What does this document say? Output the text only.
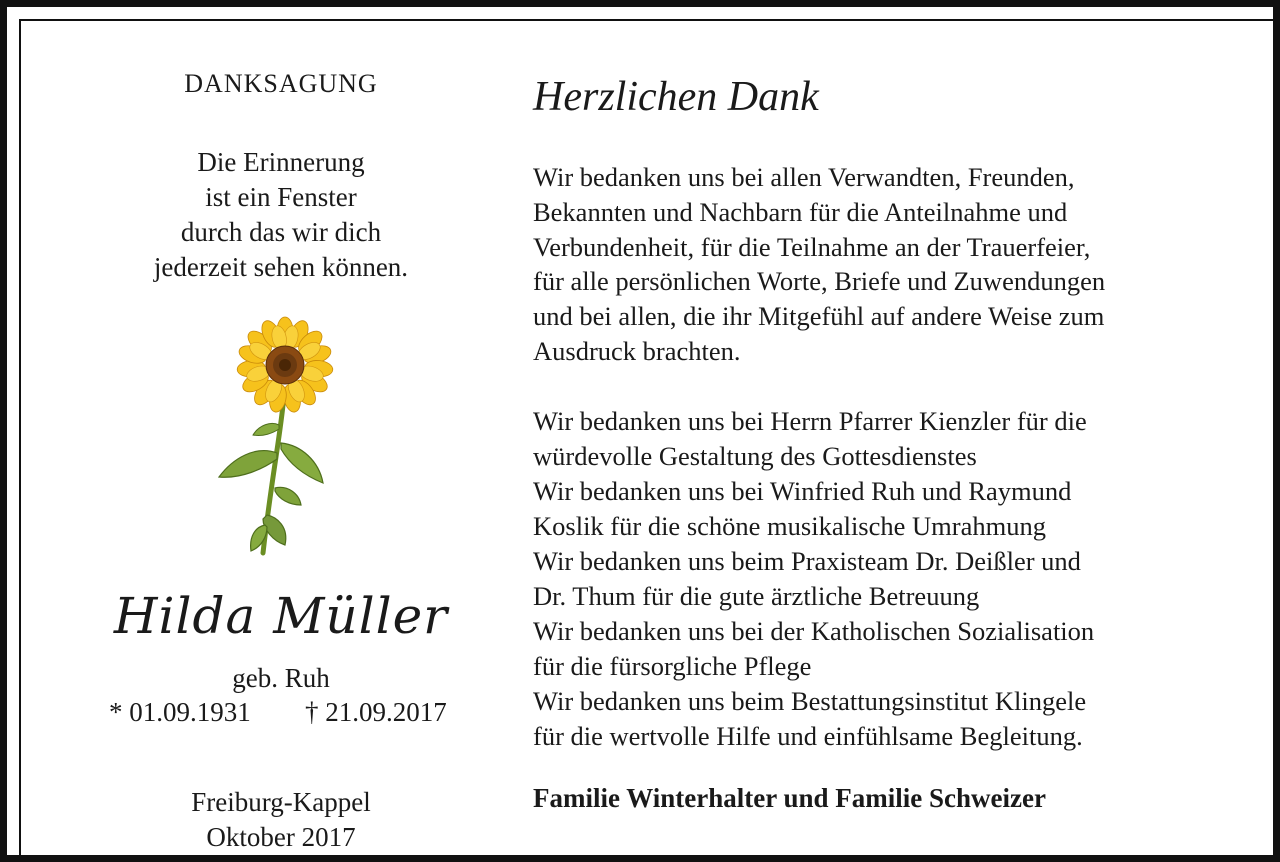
DANKSAGUNG
Die Erinnerung
ist ein Fenster
durch das wir dich
jederzeit sehen können.
Hilda Müller
geb. Ruh
* 01.09.1931 † 21.09.2017
Freiburg-Kappel
Oktober 2017
Herzlichen Dank
Wir bedanken uns bei allen Verwandten, Freunden,
Bekannten und Nachbarn für die Anteilnahme und
Verbundenheit, für die Teilnahme an der Trauerfeier,
für alle persönlichen Worte, Briefe und Zuwendungen
und bei allen, die ihr Mitgefühl auf andere Weise zum
Ausdruck brachten.
Wir bedanken uns bei Herrn Pfarrer Kienzler für die
würdevolle Gestaltung des Gottesdienstes
Wir bedanken uns bei Winfried Ruh und Raymund
Koslik für die schöne musikalische Umrahmung
Wir bedanken uns beim Praxisteam Dr. Deißler und
Dr. Thum für die gute ärztliche Betreuung
Wir bedanken uns bei der Katholischen Sozialisation
für die fürsorgliche Pflege
Wir bedanken uns beim Bestattungsinstitut Klingele
für die wertvolle Hilfe und einfühlsame Begleitung.
Familie Winterhalter und Familie Schweizer
